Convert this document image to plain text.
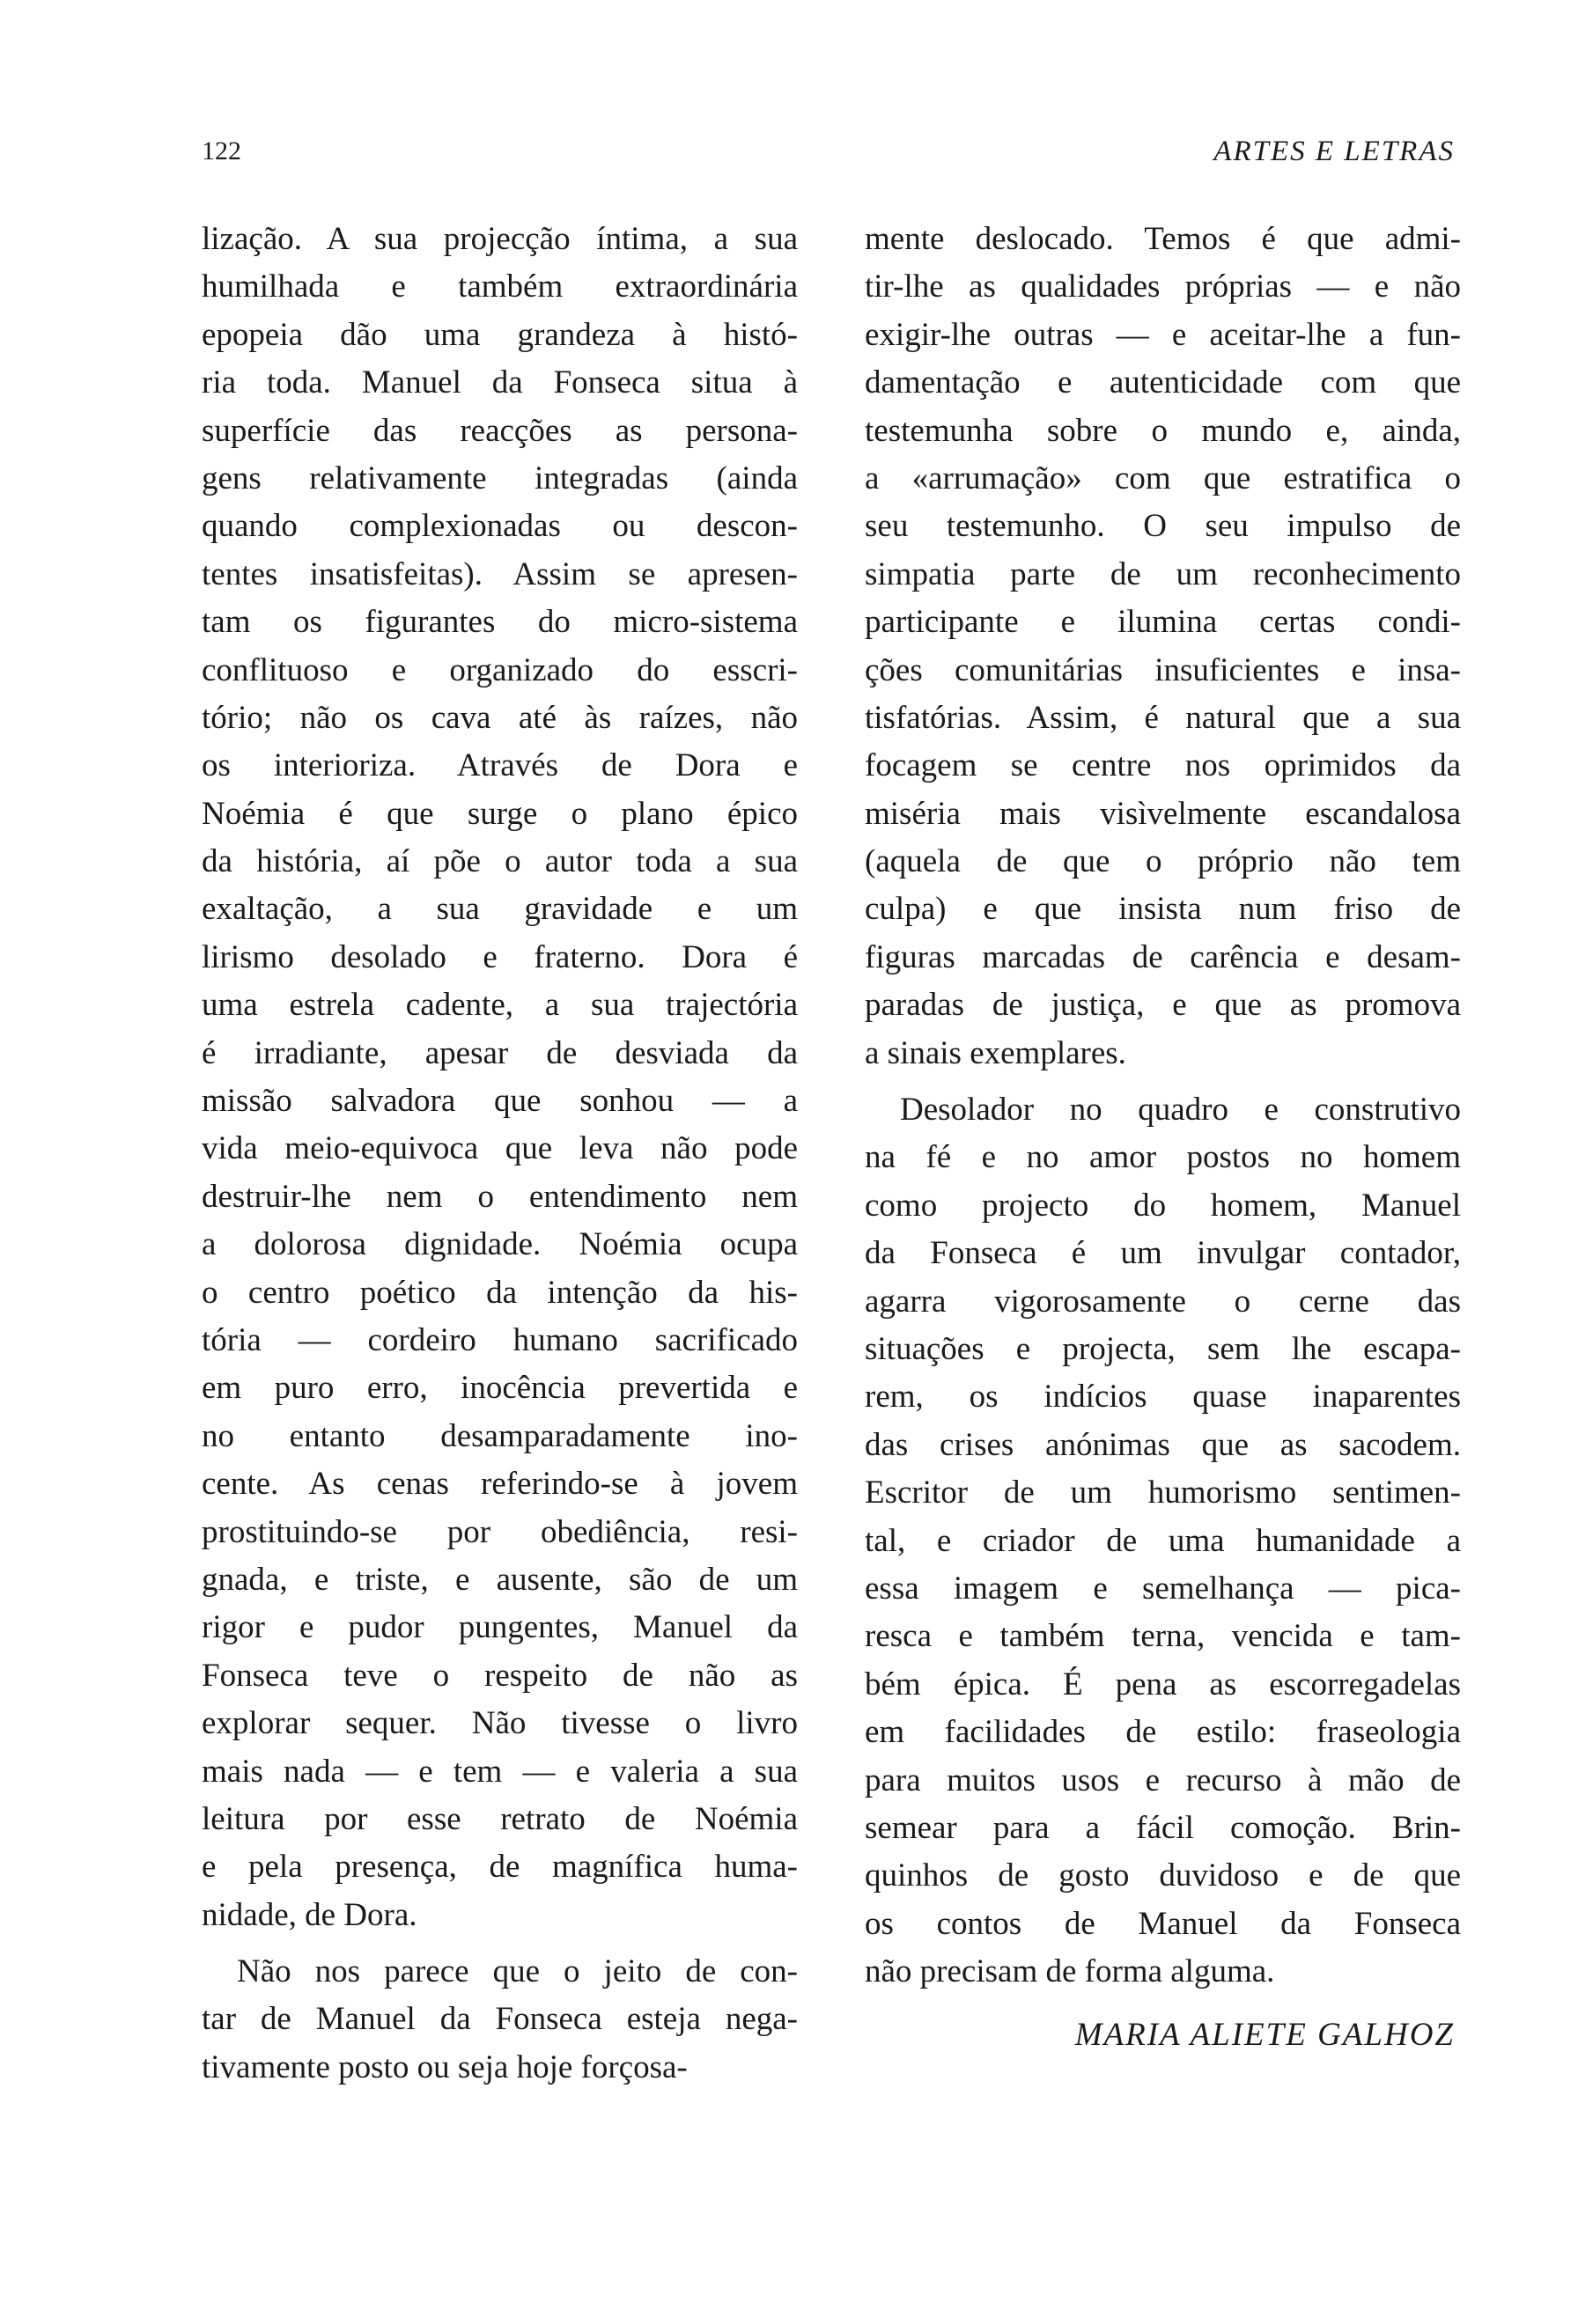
122	ARTES E LETRAS
lização. A sua projecção íntima, a sua
humilhada e também extraordinária
epopeia dão uma grandeza à histó-
ria toda. Manuel da Fonseca situa à
superfície das reacções as persona-
gens relativamente integradas (ainda
quando complexionadas ou descon-
tentes insatisfeitas). Assim se apresen-
tam os figurantes do micro-sistema
conflituoso e organizado do esscri-
tório; não os cava até às raízes, não
os interioriza. Através de Dora e
Noémia é que surge o plano épico
da história, aí põe o autor toda a sua
exaltação, a sua gravidade e um
lirismo desolado e fraterno. Dora é
uma estrela cadente, a sua trajectória
é irradiante, apesar de desviada da
missão salvadora que sonhou — a
vida meio-equivoca que leva não pode
destruir-lhe nem o entendimento nem
a dolorosa dignidade. Noémia ocupa
o centro poético da intenção da his-
tória — cordeiro humano sacrificado
em puro erro, inocência prevertida e
no entanto desamparadamente ino-
cente. As cenas referindo-se à jovem
prostituindo-se por obediência, resi-
gnada, e triste, e ausente, são de um
rigor e pudor pungentes, Manuel da
Fonseca teve o respeito de não as
explorar sequer. Não tivesse o livro
mais nada — e tem — e valeria a sua
leitura por esse retrato de Noémia
e pela presença, de magnífica huma-
nidade, de Dora.
Não nos parece que o jeito de con-
tar de Manuel da Fonseca esteja nega-
tivamente posto ou seja hoje forçosa-
mente deslocado. Temos é que admi-
tir-lhe as qualidades próprias — e não
exigir-lhe outras — e aceitar-lhe a fun-
damentação e autenticidade com que
testemunha sobre o mundo e, ainda,
a «arrumação» com que estratifica o
seu testemunho. O seu impulso de
simpatia parte de um reconhecimento
participante e ilumina certas condi-
ções comunitárias insuficientes e insa-
tisfatórias. Assim, é natural que a sua
focagem se centre nos oprimidos da
miséria mais visìvelmente escandalosa
(aquela de que o próprio não tem
culpa) e que insista num friso de
figuras marcadas de carência e desam-
paradas de justiça, e que as promova
a sinais exemplares.
Desolador no quadro e construtivo
na fé e no amor postos no homem
como projecto do homem, Manuel
da Fonseca é um invulgar contador,
agarra vigorosamente o cerne das
situações e projecta, sem lhe escapa-
rem, os indícios quase inaparentes
das crises anónimas que as sacodem.
Escritor de um humorismo sentimen-
tal, e criador de uma humanidade a
essa imagem e semelhança — pica-
resca e também terna, vencida e tam-
bém épica. É pena as escorregadelas
em facilidades de estilo: fraseologia
para muitos usos e recurso à mão de
semear para a fácil comoção. Brin-
quinhos de gosto duvidoso e de que
os contos de Manuel da Fonseca
não precisam de forma alguma.
MARIA ALIETE GALHOZ
